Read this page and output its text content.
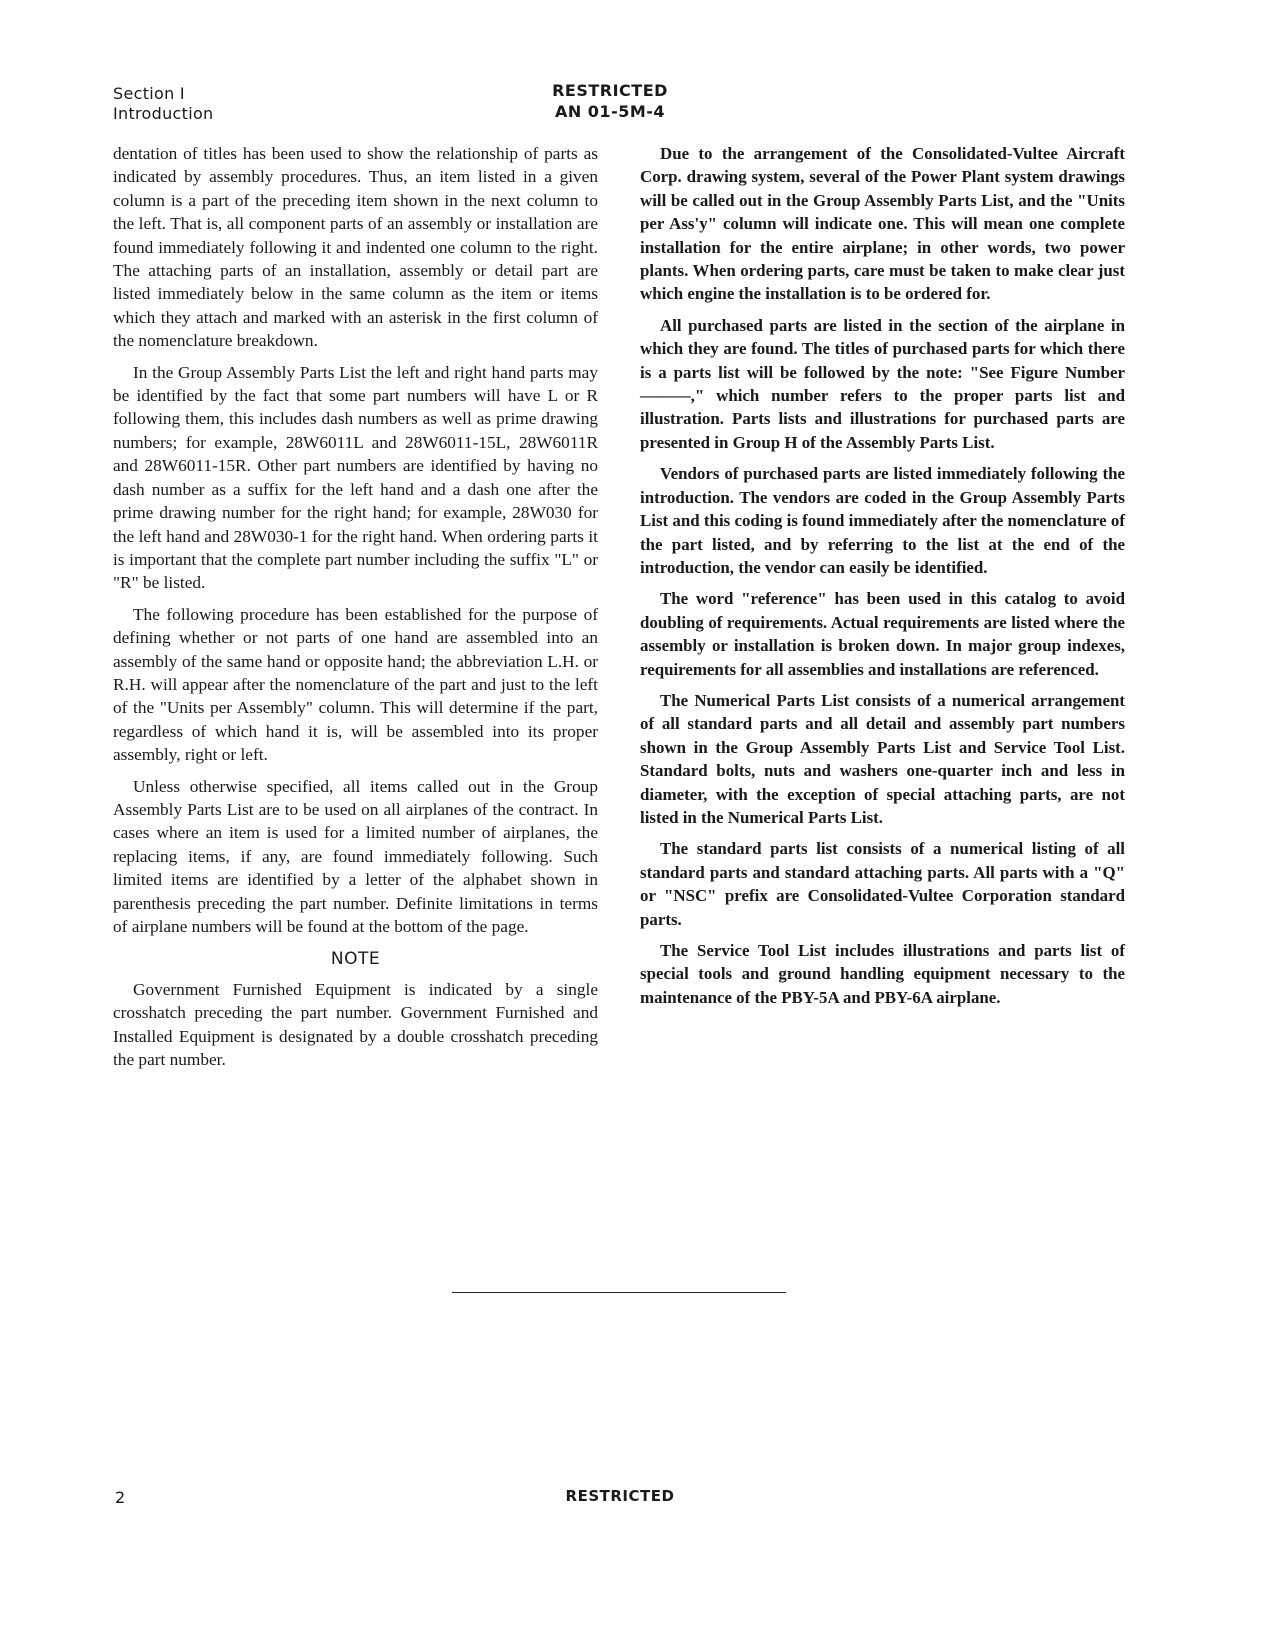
Section I
Introduction
RESTRICTED
AN 01-5M-4

dentation of titles has been used to show the relationship of parts as indicated by assembly procedures. Thus, an item listed in a given column is a part of the preceding item shown in the next column to the left. That is, all component parts of an assembly or installation are found immediately following it and indented one column to the right. The attaching parts of an installation, assembly or detail part are listed immediately below in the same column as the item or items which they attach and marked with an asterisk in the first column of the nomenclature breakdown.

In the Group Assembly Parts List the left and right hand parts may be identified by the fact that some part numbers will have L or R following them, this includes dash numbers as well as prime drawing numbers; for example, 28W6011L and 28W6011-15L, 28W6011R and 28W6011-15R. Other part numbers are identified by having no dash number as a suffix for the left hand and a dash one after the prime drawing number for the right hand; for example, 28W030 for the left hand and 28W030-1 for the right hand. When ordering parts it is important that the complete part number including the suffix "L" or "R" be listed.

The following procedure has been established for the purpose of defining whether or not parts of one hand are assembled into an assembly of the same hand or opposite hand; the abbreviation L.H. or R.H. will appear after the nomenclature of the part and just to the left of the "Units per Assembly" column. This will determine if the part, regardless of which hand it is, will be assembled into its proper assembly, right or left.

Unless otherwise specified, all items called out in the Group Assembly Parts List are to be used on all airplanes of the contract. In cases where an item is used for a limited number of airplanes, the replacing items, if any, are found immediately following. Such limited items are identified by a letter of the alphabet shown in parenthesis preceding the part number. Definite limitations in terms of airplane numbers will be found at the bottom of the page.

NOTE

Government Furnished Equipment is indicated by a single crosshatch preceding the part number. Government Furnished and Installed Equipment is designated by a double crosshatch preceding the part number.

Due to the arrangement of the Consolidated-Vultee Aircraft Corp. drawing system, several of the Power Plant system drawings will be called out in the Group Assembly Parts List, and the "Units per Ass'y" column will indicate one. This will mean one complete installation for the entire airplane; in other words, two power plants. When ordering parts, care must be taken to make clear just which engine the installation is to be ordered for.

All purchased parts are listed in the section of the airplane in which they are found. The titles of purchased parts for which there is a parts list will be followed by the note: "See Figure Number———," which number refers to the proper parts list and illustration. Parts lists and illustrations for purchased parts are presented in Group H of the Assembly Parts List.

Vendors of purchased parts are listed immediately following the introduction. The vendors are coded in the Group Assembly Parts List and this coding is found immediately after the nomenclature of the part listed, and by referring to the list at the end of the introduction, the vendor can easily be identified.

The word "reference" has been used in this catalog to avoid doubling of requirements. Actual requirements are listed where the assembly or installation is broken down. In major group indexes, requirements for all assemblies and installations are referenced.

The Numerical Parts List consists of a numerical arrangement of all standard parts and all detail and assembly part numbers shown in the Group Assembly Parts List and Service Tool List. Standard bolts, nuts and washers one-quarter inch and less in diameter, with the exception of special attaching parts, are not listed in the Numerical Parts List.

The standard parts list consists of a numerical listing of all standard parts and standard attaching parts. All parts with a "Q" or "NSC" prefix are Consolidated-Vultee Corporation standard parts.

The Service Tool List includes illustrations and parts list of special tools and ground handling equipment necessary to the maintenance of the PBY-5A and PBY-6A airplane.

2	RESTRICTED
